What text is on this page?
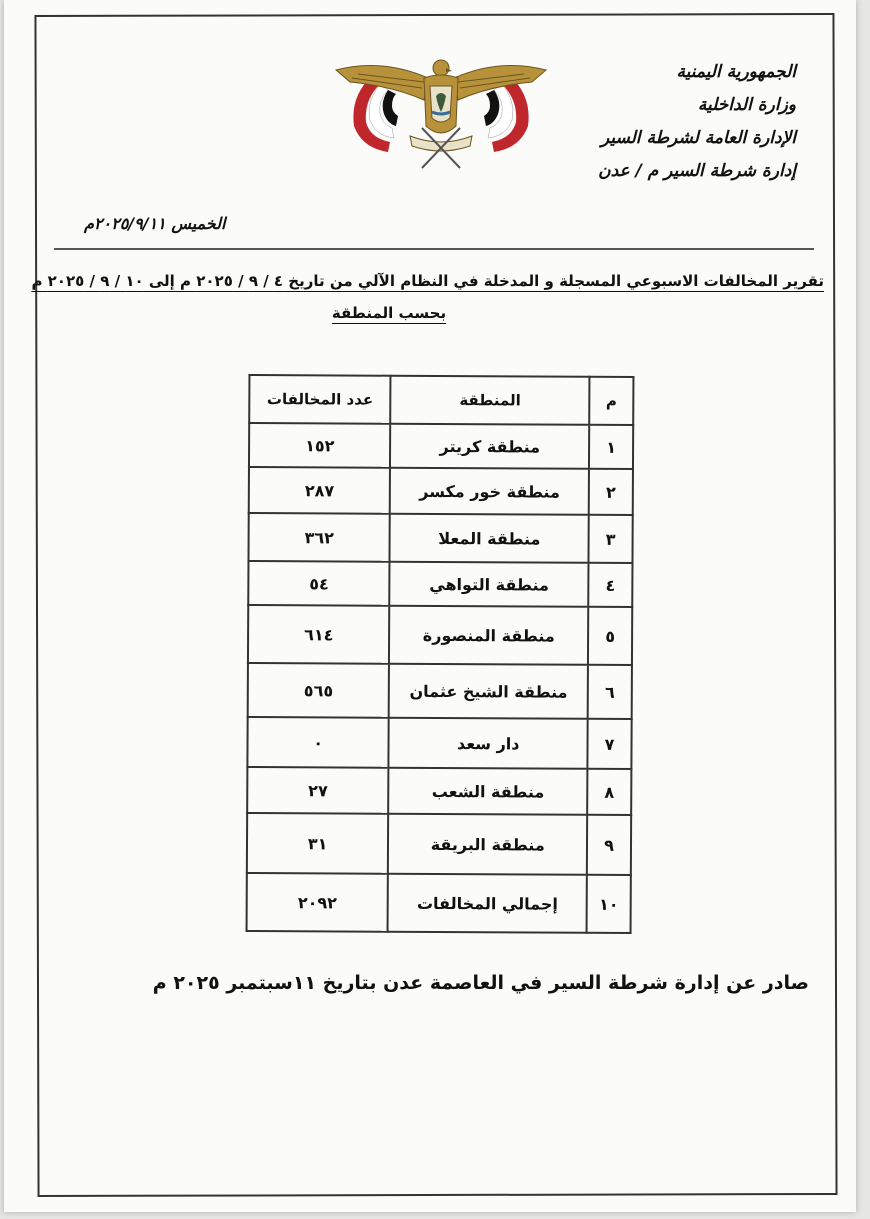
الجمهورية اليمنية
وزارة الداخلية
الإدارة العامة لشرطة السير
إدارة شرطة السير م / عدن
الخميس ٢٠٢٥/٩/١١م
تقرير المخالفات الاسبوعي المسجلة و المدخلة في النظام الآلي من تاريخ ٤ / ٩ / ٢٠٢٥ م إلى ١٠ / ٩ / ٢٠٢٥ م
بحسب المنطقة
م	المنطقة	عدد المخالفات
١	منطقة كريتر	١٥٢
٢	منطقة خور مكسر	٢٨٧
٣	منطقة المعلا	٣٦٢
٤	منطقة التواهي	٥٤
٥	منطقة المنصورة	٦١٤
٦	منطقة الشيخ عثمان	٥٦٥
٧	دار سعد	٠
٨	منطقة الشعب	٢٧
٩	منطقة البريقة	٣١
١٠	إجمالي المخالفات	٢٠٩٢
صادر عن إدارة شرطة السير في العاصمة عدن بتاريخ ١١سبتمبر ٢٠٢٥ م
